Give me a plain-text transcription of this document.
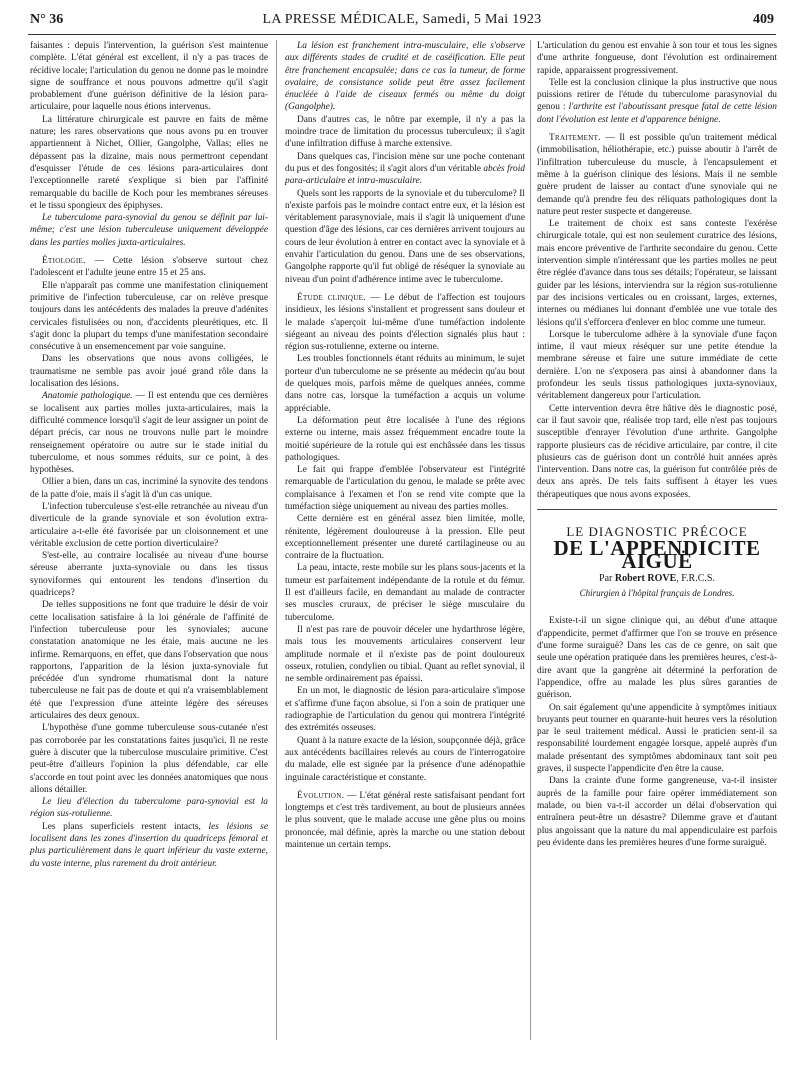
N° 36	LA PRESSE MÉDICALE, Samedi, 5 Mai 1923	409

faisantes : depuis l'intervention, la guérison s'est maintenue complète. L'état général est excellent, il n'y a pas traces de récidive locale; l'articulation du genou ne donne pas le moindre signe de souffrance et nous pouvons admettre qu'il s'agit probablement d'une guérison définitive de la lésion para-articulaire, pour laquelle nous étions intervenus.

La littérature chirurgicale est pauvre en faits de même nature; les rares observations que nous avons pu en trouver appartiennent à Nichet, Ollier, Gangolphe, Vallas; elles ne dépassent pas la dizaine, mais nous permettront cependant d'esquisser l'étude de ces lésions para-articulaires dont l'exceptionnelle rareté s'explique si bien par l'affinité remarquable du bacille de Koch pour les membranes séreuses et le tissu spongieux des épiphyses.

Le tuberculome para-synovial du genou se définit par lui-même; c'est une lésion tuberculeuse uniquement développée dans les parties molles juxta-articulaires.

Étiologie. — Cette lésion s'observe surtout chez l'adolescent et l'adulte jeune entre 15 et 25 ans.

Elle n'apparaît pas comme une manifestation cliniquement primitive de l'infection tuberculeuse, car on relève presque toujours dans les antécédents des malades la preuve d'adénites cervicales fistulisées ou non, d'accidents pleurétiques, etc. Il s'agit donc la plupart du temps d'une manifestation secondaire consécutive à un ensemencement par voie sanguine.

Dans les observations que nous avons colligées, le traumatisme ne semble pas avoir joué grand rôle dans la localisation des lésions.

Anatomie pathologique. — Il est entendu que ces dernières se localisent aux parties molles juxta-articulaires, mais la difficulté commence lorsqu'il s'agit de leur assigner un point de départ précis, car nous ne trouvons nulle part le moindre renseignement opératoire ou autre sur le stade initial du tuberculome, et nous sommes réduits, sur ce point, à des hypothèses.

Ollier a bien, dans un cas, incriminé la synovite des tendons de la patte d'oie, mais il s'agit là d'un cas unique.

L'infection tuberculeuse s'est-elle retranchée au niveau d'un diverticule de la grande synoviale et son évolution extra-articulaire a-t-elle été favorisée par un cloisonnement et une véritable exclusion de cette portion diverticulaire?

S'est-elle, au contraire localisée au niveau d'une bourse séreuse aberrante juxta-synoviale ou dans les tissus synoviformes qui entourent les tendons d'insertion du quadriceps?

De telles suppositions ne font que traduire le désir de voir cette localisation satisfaire à la loi générale de l'affinité de l'infection tuberculeuse pour les synoviales; aucune constatation anatomique ne les étaie, mais aucune ne les infirme. Remarquons, en effet, que dans l'observation que nous rapportons, l'apparition de la lésion juxta-synoviale fut précédée d'un syndrome rhumatismal dont la nature tuberculeuse ne fait pas de doute et qui n'a vraisemblablement été que l'expression d'une atteinte légère des séreuses articulaires des deux genoux.

L'hypothèse d'une gomme tuberculeuse sous-cutanée n'est pas corroborée par les constatations faites jusqu'ici. Il ne reste guère à discuter que la tuberculose musculaire primitive. C'est peut-être d'ailleurs l'opinion la plus défendable, car elle s'accorde en tout point avec les données anatomiques que nous allons détailler.

Le lieu d'élection du tuberculome para-synovial est la région sus-rotulienne.

Les plans superficiels restent intacts, les lésions se localisent dans les zones d'insertion du quadriceps fémoral et plus particulièrement dans le quart inférieur du vaste externe, du vaste interne, plus rarement du droit antérieur.

La lésion est franchement intra-musculaire, elle s'observe aux différents stades de crudité et de caséification. Elle peut être franchement encapsulée; dans ce cas la tumeur, de forme ovalaire, de consistance solide peut être assez facilement énucléée à l'aide de ciseaux fermés ou même du doigt (Gangolphe).

Dans d'autres cas, le nôtre par exemple, il n'y a pas la moindre trace de limitation du processus tuberculeux; il s'agit d'une infiltration diffuse à marche extensive.

Dans quelques cas, l'incision mène sur une poche contenant du pus et des fongosités; il s'agit alors d'un véritable abcès froid para-articulaire et intra-musculaire.

Quels sont les rapports de la synoviale et du tuberculome? Il n'existe parfois pas le moindre contact entre eux, et la lésion est véritablement parasynoviale, mais il s'agit là uniquement d'une question d'âge des lésions, car ces dernières arrivent toujours au cours de leur évolution à entrer en contact avec la synoviale et à envahir l'articulation du genou. Dans une de ses observations, Gangolphe rapporte qu'il fut obligé de réséquer la synoviale au niveau d'un point d'adhérence intime avec le tuberculome.

Étude clinique. — Le début de l'affection est toujours insidieux, les lésions s'installent et progressent sans douleur et le malade s'aperçoit lui-même d'une tuméfaction indolente siégeant au niveau des points d'élection signalés plus haut : région sus-rotulienne, externe ou interne.

Les troubles fonctionnels étant réduits au minimum, le sujet porteur d'un tuberculome ne se présente au médecin qu'au bout de quelques mois, parfois même de quelques années, comme dans notre cas, lorsque la tuméfaction a acquis un volume appréciable.

La déformation peut être localisée à l'une des régions externe ou interne, mais assez fréquemment encadre toute la moitié supérieure de la rotule qui est enchâssée dans les tissus pathologiques.

Le fait qui frappe d'emblée l'observateur est l'intégrité remarquable de l'articulation du genou, le malade se prête avec complaisance à l'examen et l'on se rend vite compte que la tuméfaction siège uniquement au niveau des parties molles.

Cette dernière est en général assez bien limitée, molle, rénitente, légèrement douloureuse à la pression. Elle peut exceptionnellement présenter une dureté cartilagineuse ou au contraire de la fluctuation.

La peau, intacte, reste mobile sur les plans sous-jacents et la tumeur est parfaitement indépendante de la rotule et du fémur. Il est d'ailleurs facile, en demandant au malade de contracter ses muscles cruraux, de préciser le siège musculaire du tuberculome.

Il n'est pas rare de pouvoir déceler une hydarthrose légère, mais tous les mouvements articulaires conservent leur amplitude normale et il n'existe pas de point douloureux osseux, rotulien, condylien ou tibial. Quant au reflet synovial, il ne semble ordinairement pas épaissi.

En un mot, le diagnostic de lésion para-articulaire s'impose et s'affirme d'une façon absolue, si l'on a soin de pratiquer une radiographie de l'articulation du genou qui montrera l'intégrité des extrémités osseuses.

Quant à la nature exacte de la lésion, soupçonnée déjà, grâce aux antécédents bacillaires relevés au cours de l'interrogatoire du malade, elle est signée par la présence d'une adénopathie inguinale caractéristique et constante.

Évolution. — L'état général reste satisfaisant pendant fort longtemps et c'est très tardivement, au bout de plusieurs années le plus souvent, que le malade accuse une gêne plus ou moins prononcée, mal définie, après la marche ou une station debout maintenue un certain temps.

L'articulation du genou est envahie à son tour et tous les signes d'une arthrite fongueuse, dont l'évolution est ordinairement rapide, apparaissent progressivement.

Telle est la conclusion clinique la plus instructive que nous puissions retirer de l'étude du tuberculome parasynovial du genou : l'arthrite est l'aboutissant presque fatal de cette lésion dont l'évolution est lente et d'apparence bénigne.

Traitement. — Il est possible qu'un traitement médical (immobilisation, héliothérapie, etc.) puisse aboutir à l'arrêt de l'infiltration tuberculeuse du muscle, à l'encapsulement et même à la guérison clinique des lésions. Mais il ne semble guère prudent de laisser au contact d'une synoviale qui ne demande qu'à prendre feu des réliquats pathologiques dont la nature peut rester suspecte et dangereuse.

Le traitement de choix est sans conteste l'exérèse chirurgicale totale, qui est non seulement curatrice des lésions, mais encore préventive de l'arthrite secondaire du genou. Cette intervention simple n'intéressant que les parties molles ne peut être réglée d'avance dans tous ses détails; l'opérateur, se laissant guider par les lésions, interviendra sur la région sus-rotulienne par des incisions verticales ou en croissant, larges, externes, internes ou médianes lui donnant d'emblée une vue totale des lésions qu'il s'efforcera d'enlever en bloc comme une tumeur.

Lorsque le tuberculome adhère à la synoviale d'une façon intime, il vaut mieux réséquer sur une petite étendue la membrane séreuse et faire une suture immédiate de cette dernière. L'on ne s'exposera pas ainsi à abandonner dans la profondeur les seuls tissus pathologiques juxta-synoviaux, véritablement dangereux pour l'articulation.

Cette intervention devra être hâtive dès le diagnostic posé, car il faut savoir que, réalisée trop tard, elle n'est pas toujours susceptible d'enrayer l'évolution d'une arthrite. Gangolphe rapporte plusieurs cas de récidive articulaire, par contre, il cite plusieurs cas de guérison dont un contrôlé huit années après l'intervention. Dans notre cas, la guérison fut contrôlée près de deux ans après. De tels faits suffisent à étayer les vues thérapeutiques que nous avons exposées.

LE DIAGNOSTIC PRÉCOCE
DE L'APPENDICITE AIGUË
Par Robert ROVE, F.R.C.S.
Chirurgien à l'hôpital français de Londres.

Existe-t-il un signe clinique qui, au début d'une attaque d'appendicite, permet d'affirmer que l'on se trouve en présence d'une forme suraiguë? Dans les cas de ce genre, on sait que seule une opération pratiquée dans les premières heures, c'est-à-dire avant que la gangrène ait déterminé la perforation de l'appendice, offre au malade les plus sûres garanties de guérison.

On sait également qu'une appendicite à symptômes initiaux bruyants peut tourner en quarante-huit heures vers la résolution par le seul traitement médical. Aussi le praticien sent-il sa responsabilité lourdement engagée lorsque, appelé auprès d'un malade présentant des symptômes abdominaux tant soit peu graves, il suspecte l'appendicite d'en être la cause.

Dans la crainte d'une forme gangreneuse, va-t-il insister auprès de la famille pour faire opérer immédiatement son malade, ou bien va-t-il accorder un délai d'observation qui entraînera peut-être un désastre? Dilemme grave et d'autant plus angoissant que la nature du mal appendiculaire est parfois peu évidente dans les premières heures d'une forme suraiguë.
